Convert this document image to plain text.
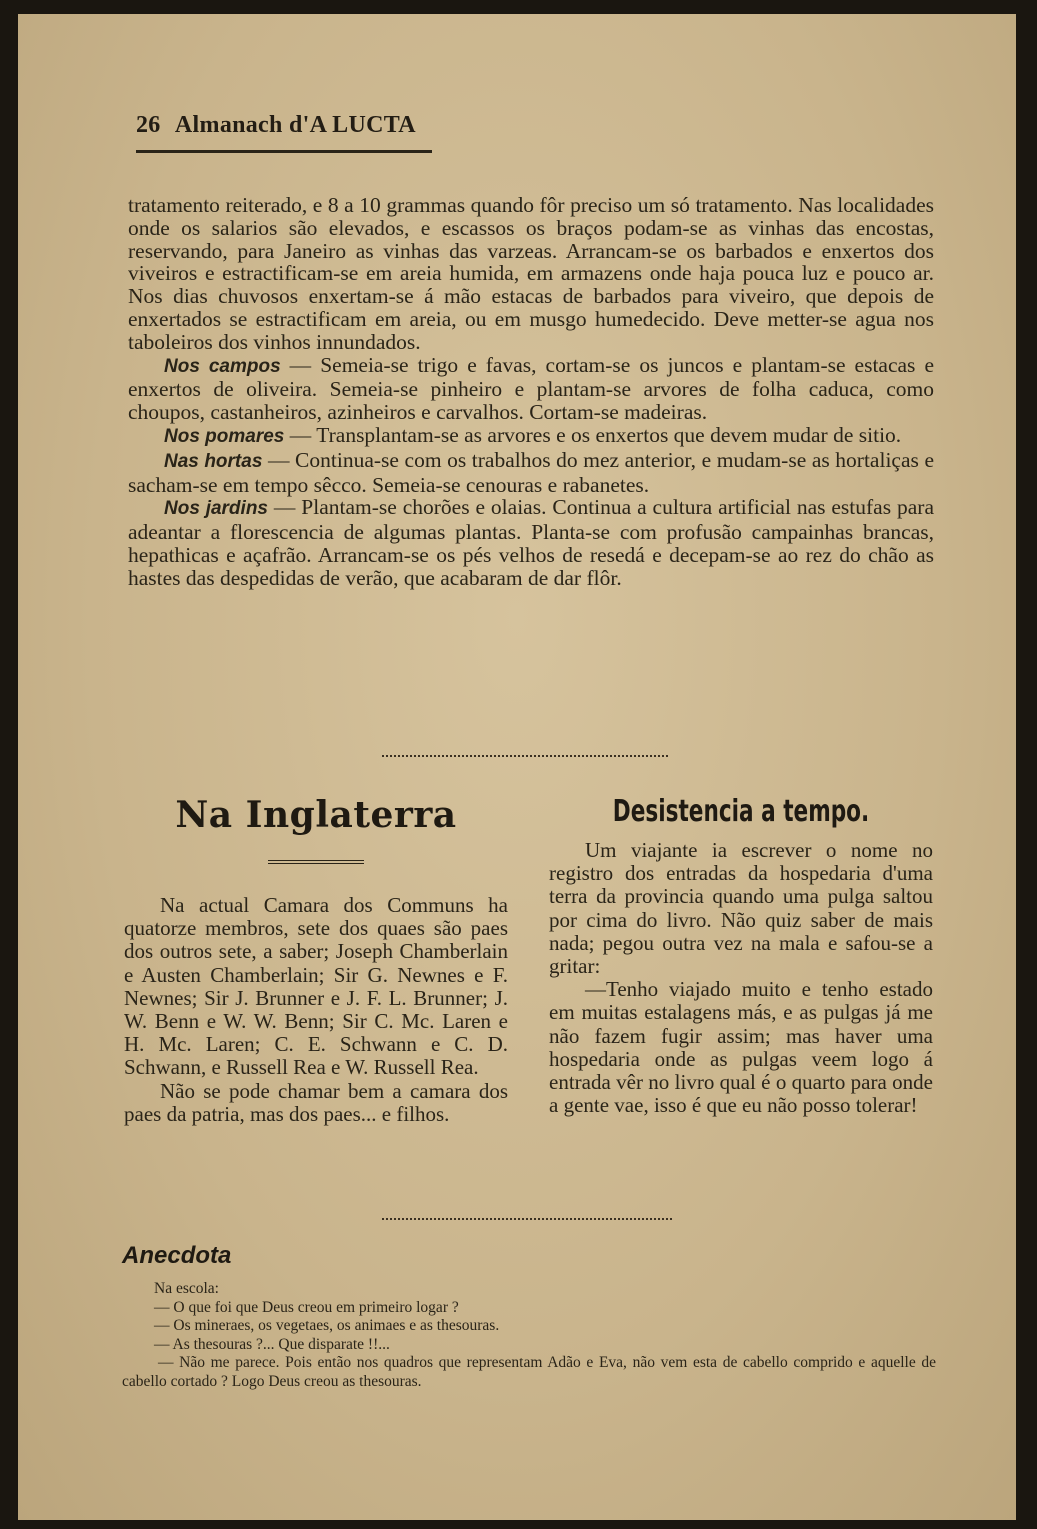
26 Almanach d'A LUCTA

tratamento reiterado, e 8 a 10 grammas quando fôr preciso um só tratamento. Nas localidades onde os salarios são elevados, e escassos os braços podam-se as vinhas das encostas, reservando, para Janeiro as vinhas das varzeas. Arrancam-se os barbados e enxertos dos viveiros e estractificam-se em areia humida, em armazens onde haja pouca luz e pouco ar. Nos dias chuvosos enxertam-se á mão estacas de barbados para viveiro, que depois de enxertados se estractificam em areia, ou em musgo humedecido. Deve metter-se agua nos taboleiros dos vinhos innundados.

Nos campos — Semeia-se trigo e favas, cortam-se os juncos e plantam-se estacas e enxertos de oliveira. Semeia-se pinheiro e plantam-se arvores de folha caduca, como choupos, castanheiros, azinheiros e carvalhos. Cortam-se madeiras.

Nos pomares — Transplantam-se as arvores e os enxertos que devem mudar de sitio.

Nas hortas — Continua-se com os trabalhos do mez anterior, e mudam-se as hortaliças e sacham-se em tempo sêcco. Semeia-se cenouras e rabanetes.

Nos jardins — Plantam-se chorões e olaias. Continua a cultura artificial nas estufas para adeantar a florescencia de algumas plantas. Planta-se com profusão campainhas brancas, hepathicas e açafrão. Arrancam-se os pés velhos de resedá e decepam-se ao rez do chão as hastes das despedidas de verão, que acabaram de dar flôr.

Na Inglaterra

Na actual Camara dos Communs ha quatorze membros, sete dos quaes são paes dos outros sete, a saber; Joseph Chamberlain e Austen Chamberlain; Sir G. Newnes e F. Newnes; Sir J. Brunner e J. F. L. Brunner; J. W. Benn e W. W. Benn; Sir C. Mc. Laren e H. Mc. Laren; C. E. Schwann e C. D. Schwann, e Russell Rea e W. Russell Rea.

Não se pode chamar bem a camara dos paes da patria, mas dos paes... e filhos.

Desistencia a tempo.

Um viajante ia escrever o nome no registro dos entradas da hospedaria d'uma terra da provincia quando uma pulga saltou por cima do livro. Não quiz saber de mais nada; pegou outra vez na mala e safou-se a gritar:

—Tenho viajado muito e tenho estado em muitas estalagens más, e as pulgas já me não fazem fugir assim; mas haver uma hospedaria onde as pulgas veem logo á entrada vêr no livro qual é o quarto para onde a gente vae, isso é que eu não posso tolerar!

Anecdota

Na escola:

— O que foi que Deus creou em primeiro logar ?

— Os mineraes, os vegetaes, os animaes e as thesouras.

— As thesouras ?... Que disparate !!...

— Não me parece. Pois então nos quadros que representam Adão e Eva, não vem esta de cabello comprido e aquelle de cabello cortado ? Logo Deus creou as thesouras.
